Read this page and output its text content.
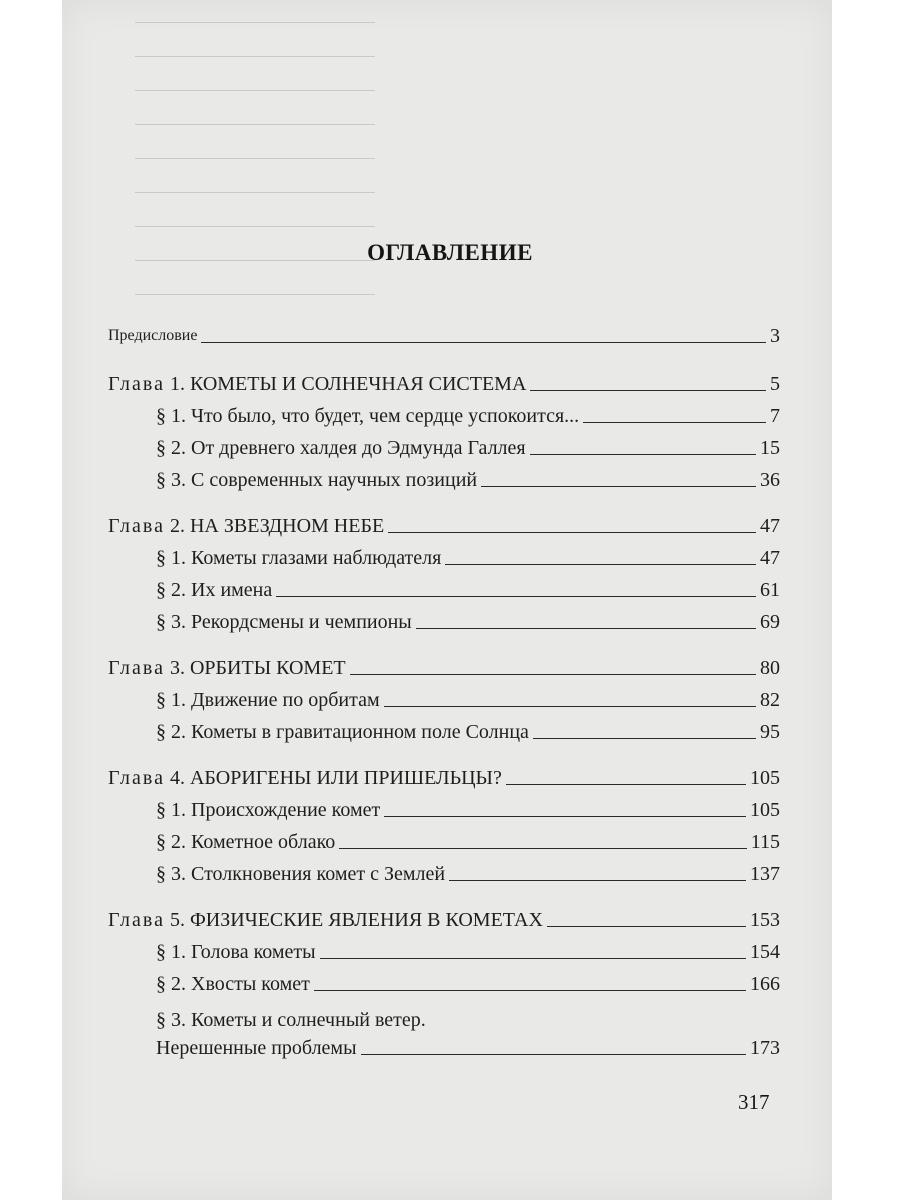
ОГЛАВЛЕНИЕ
Предисловие	3
Глава 1. КОМЕТЫ И СОЛНЕЧНАЯ СИСТЕМА	5
§ 1. Что было, что будет, чем сердце успокоится...	7
§ 2. От древнего халдея до Эдмунда Галлея	15
§ 3. С современных научных позиций	36
Глава 2. НА ЗВЕЗДНОМ НЕБЕ	47
§ 1. Кометы глазами наблюдателя	47
§ 2. Их имена	61
§ 3. Рекордсмены и чемпионы	69
Глава 3. ОРБИТЫ КОМЕТ	80
§ 1. Движение по орбитам	82
§ 2. Кометы в гравитационном поле Солнца	95
Глава 4. АБОРИГЕНЫ ИЛИ ПРИШЕЛЬЦЫ?	105
§ 1. Происхождение комет	105
§ 2. Кометное облако	115
§ 3. Столкновения комет с Землей	137
Глава 5. ФИЗИЧЕСКИЕ ЯВЛЕНИЯ В КОМЕТАХ	153
§ 1. Голова кометы	154
§ 2. Хвосты комет	166
§ 3. Кометы и солнечный ветер.
Нерешенные проблемы	173
317
